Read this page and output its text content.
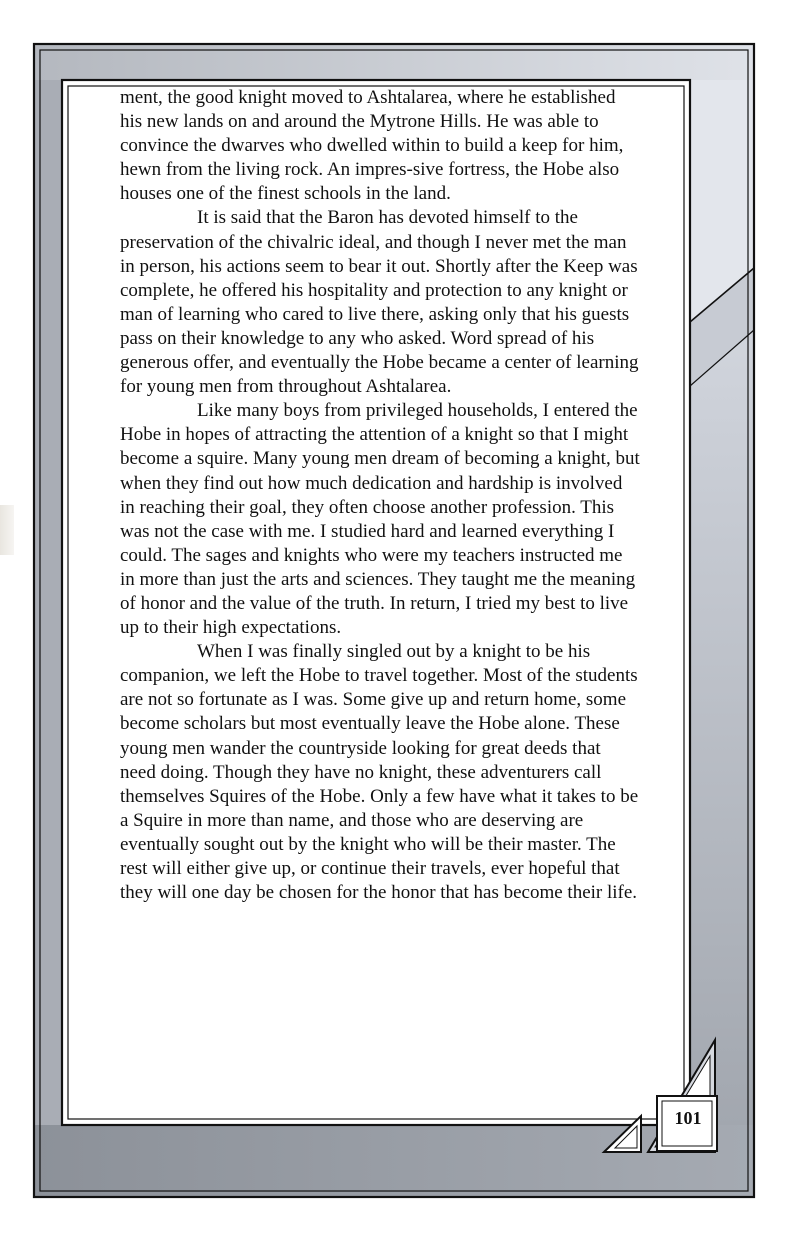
ment, the good knight moved to Ashtalarea, where he established his new lands on and around the Mytrone Hills. He was able to convince the dwarves who dwelled within to build a keep for him, hewn from the living rock. An impres-sive fortress, the Hobe also houses one of the finest schools in the land.

It is said that the Baron has devoted himself to the preservation of the chivalric ideal, and though I never met the man in person, his actions seem to bear it out. Shortly after the Keep was complete, he offered his hospitality and protection to any knight or man of learning who cared to live there, asking only that his guests pass on their knowledge to any who asked. Word spread of his generous offer, and eventually the Hobe became a center of learning for young men from throughout Ashtalarea.

Like many boys from privileged households, I entered the Hobe in hopes of attracting the attention of a knight so that I might become a squire. Many young men dream of becoming a knight, but when they find out how much dedication and hardship is involved in reaching their goal, they often choose another profession. This was not the case with me. I studied hard and learned everything I could. The sages and knights who were my teachers instructed me in more than just the arts and sciences. They taught me the meaning of honor and the value of the truth. In return, I tried my best to live up to their high expectations.

When I was finally singled out by a knight to be his companion, we left the Hobe to travel together. Most of the students are not so fortunate as I was. Some give up and return home, some become scholars but most eventually leave the Hobe alone. These young men wander the countryside looking for great deeds that need doing. Though they have no knight, these adventurers call themselves Squires of the Hobe. Only a few have what it takes to be a Squire in more than name, and those who are deserving are eventually sought out by the knight who will be their master. The rest will either give up, or continue their travels, ever hopeful that they will one day be chosen for the honor that has become their life.

101
